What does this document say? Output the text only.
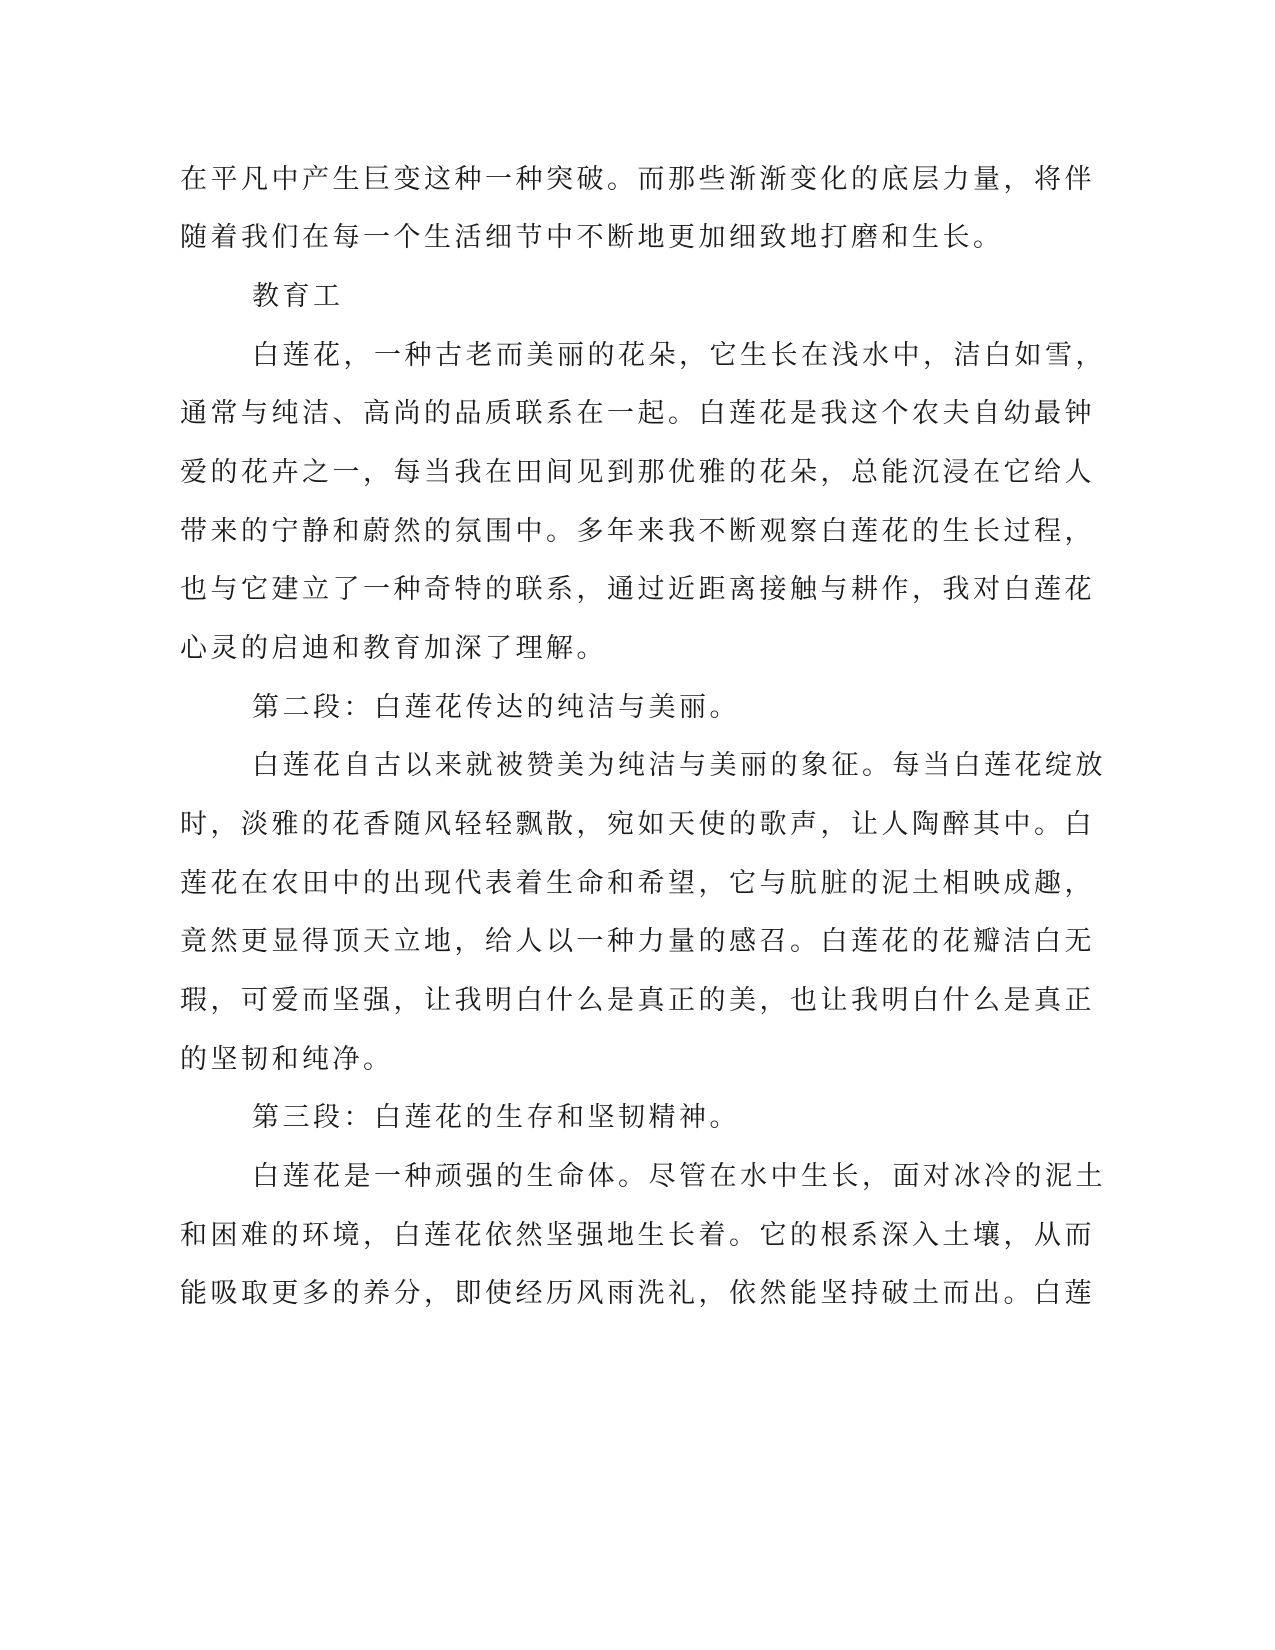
在平凡中产生巨变这种一种突破。而那些渐渐变化的底层力量，将伴

随着我们在每一个生活细节中不断地更加细致地打磨和生长。

教育工

白莲花，一种古老而美丽的花朵，它生长在浅水中，洁白如雪，

通常与纯洁、高尚的品质联系在一起。白莲花是我这个农夫自幼最钟

爱的花卉之一，每当我在田间见到那优雅的花朵，总能沉浸在它给人

带来的宁静和蔚然的氛围中。多年来我不断观察白莲花的生长过程，

也与它建立了一种奇特的联系，通过近距离接触与耕作，我对白莲花

心灵的启迪和教育加深了理解。

第二段：白莲花传达的纯洁与美丽。

白莲花自古以来就被赞美为纯洁与美丽的象征。每当白莲花绽放

时，淡雅的花香随风轻轻飘散，宛如天使的歌声，让人陶醉其中。白

莲花在农田中的出现代表着生命和希望，它与肮脏的泥土相映成趣，

竟然更显得顶天立地，给人以一种力量的感召。白莲花的花瓣洁白无

瑕，可爱而坚强，让我明白什么是真正的美，也让我明白什么是真正

的坚韧和纯净。

第三段：白莲花的生存和坚韧精神。

白莲花是一种顽强的生命体。尽管在水中生长，面对冰冷的泥土

和困难的环境，白莲花依然坚强地生长着。它的根系深入土壤，从而

能吸取更多的养分，即使经历风雨洗礼，依然能坚持破土而出。白莲
